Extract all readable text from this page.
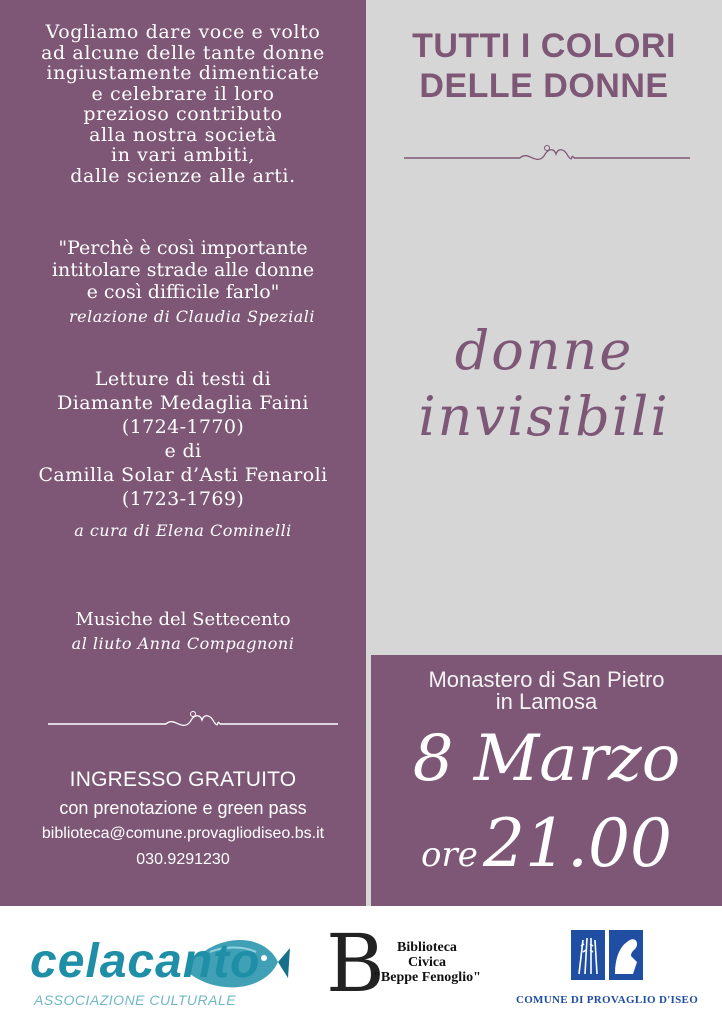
Vogliamo dare voce e volto
ad alcune delle tante donne
ingiustamente dimenticate
e celebrare il loro
prezioso contributo
alla nostra società
in vari ambiti,
dalle scienze alle arti.
"Perchè è così importante
intitolare strade alle donne
e così difficile farlo"
relazione di Claudia Speziali
Letture di testi di
Diamante Medaglia Faini
(1724-1770)
e di
Camilla Solar d’Asti Fenaroli
(1723-1769)
a cura di Elena Cominelli
Musiche del Settecento
al liuto Anna Compagnoni
INGRESSO GRATUITO
con prenotazione e green pass
biblioteca@comune.provagliodiseo.bs.it
030.9291230
TUTTI I COLORI
DELLE DONNE
donne
invisibili
Monastero di San Pietro
in Lamosa
8 Marzo
ore 21.00
celacanto
ASSOCIAZIONE CULTURALE B Biblioteca
Civica
"Beppe Fenoglio"
COMUNE DI PROVAGLIO D'ISEO
